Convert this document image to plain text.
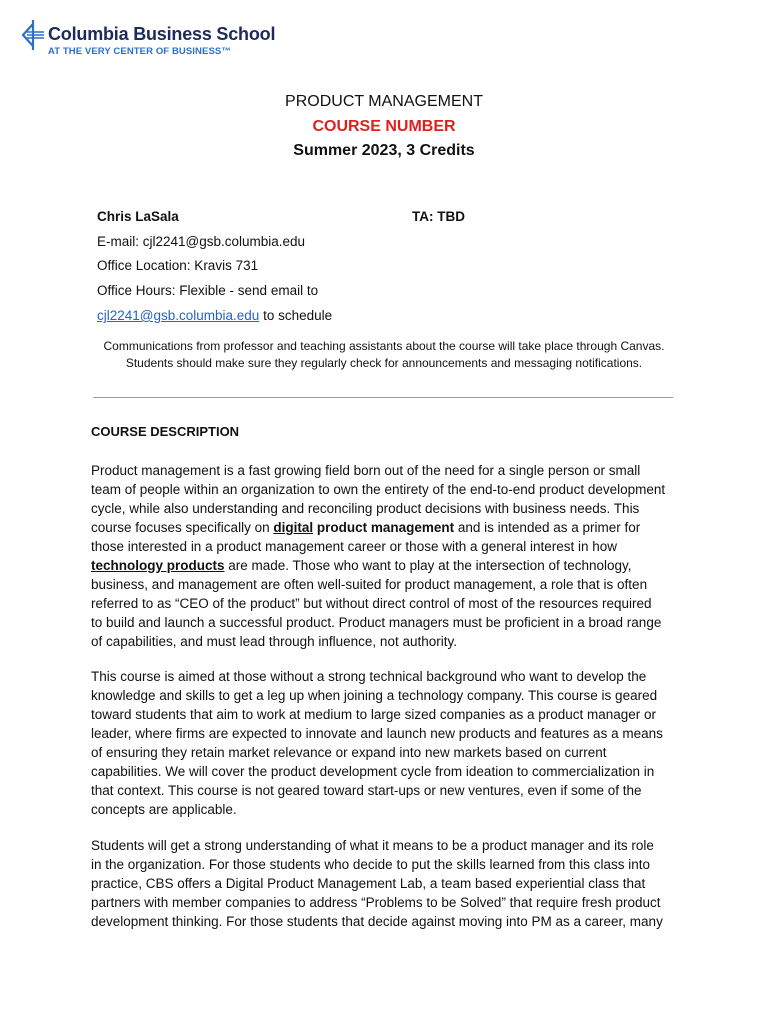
Columbia Business School
AT THE VERY CENTER OF BUSINESS™
PRODUCT MANAGEMENT
COURSE NUMBER
Summer 2023, 3 Credits
Chris LaSala	TA: TBD
E-mail: cjl2241@gsb.columbia.edu
Office Location: Kravis 731
Office Hours: Flexible - send email to
cjl2241@gsb.columbia.edu to schedule
Communications from professor and teaching assistants about the course will take place through Canvas.
Students should make sure they regularly check for announcements and messaging notifications.
COURSE DESCRIPTION

Product management is a fast growing field born out of the need for a single person or small

team of people within an organization to own the entirety of the end-to-end product development

cycle, while also understanding and reconciling product decisions with business needs. This

course focuses specifically on digital product management and is intended as a primer for

those interested in a product management career or those with a general interest in how

technology products are made. Those who want to play at the intersection of technology,

business, and management are often well-suited for product management, a role that is often

referred to as “CEO of the product” but without direct control of most of the resources required

to build and launch a successful product. Product managers must be proficient in a broad range

of capabilities, and must lead through influence, not authority.

This course is aimed at those without a strong technical background who want to develop the

knowledge and skills to get a leg up when joining a technology company. This course is geared

toward students that aim to work at medium to large sized companies as a product manager or

leader, where firms are expected to innovate and launch new products and features as a means

of ensuring they retain market relevance or expand into new markets based on current

capabilities. We will cover the product development cycle from ideation to commercialization in

that context. This course is not geared toward start-ups or new ventures, even if some of the

concepts are applicable.

Students will get a strong understanding of what it means to be a product manager and its role

in the organization. For those students who decide to put the skills learned from this class into

practice, CBS offers a Digital Product Management Lab, a team based experiential class that

partners with member companies to address “Problems to be Solved” that require fresh product

development thinking. For those students that decide against moving into PM as a career, many
